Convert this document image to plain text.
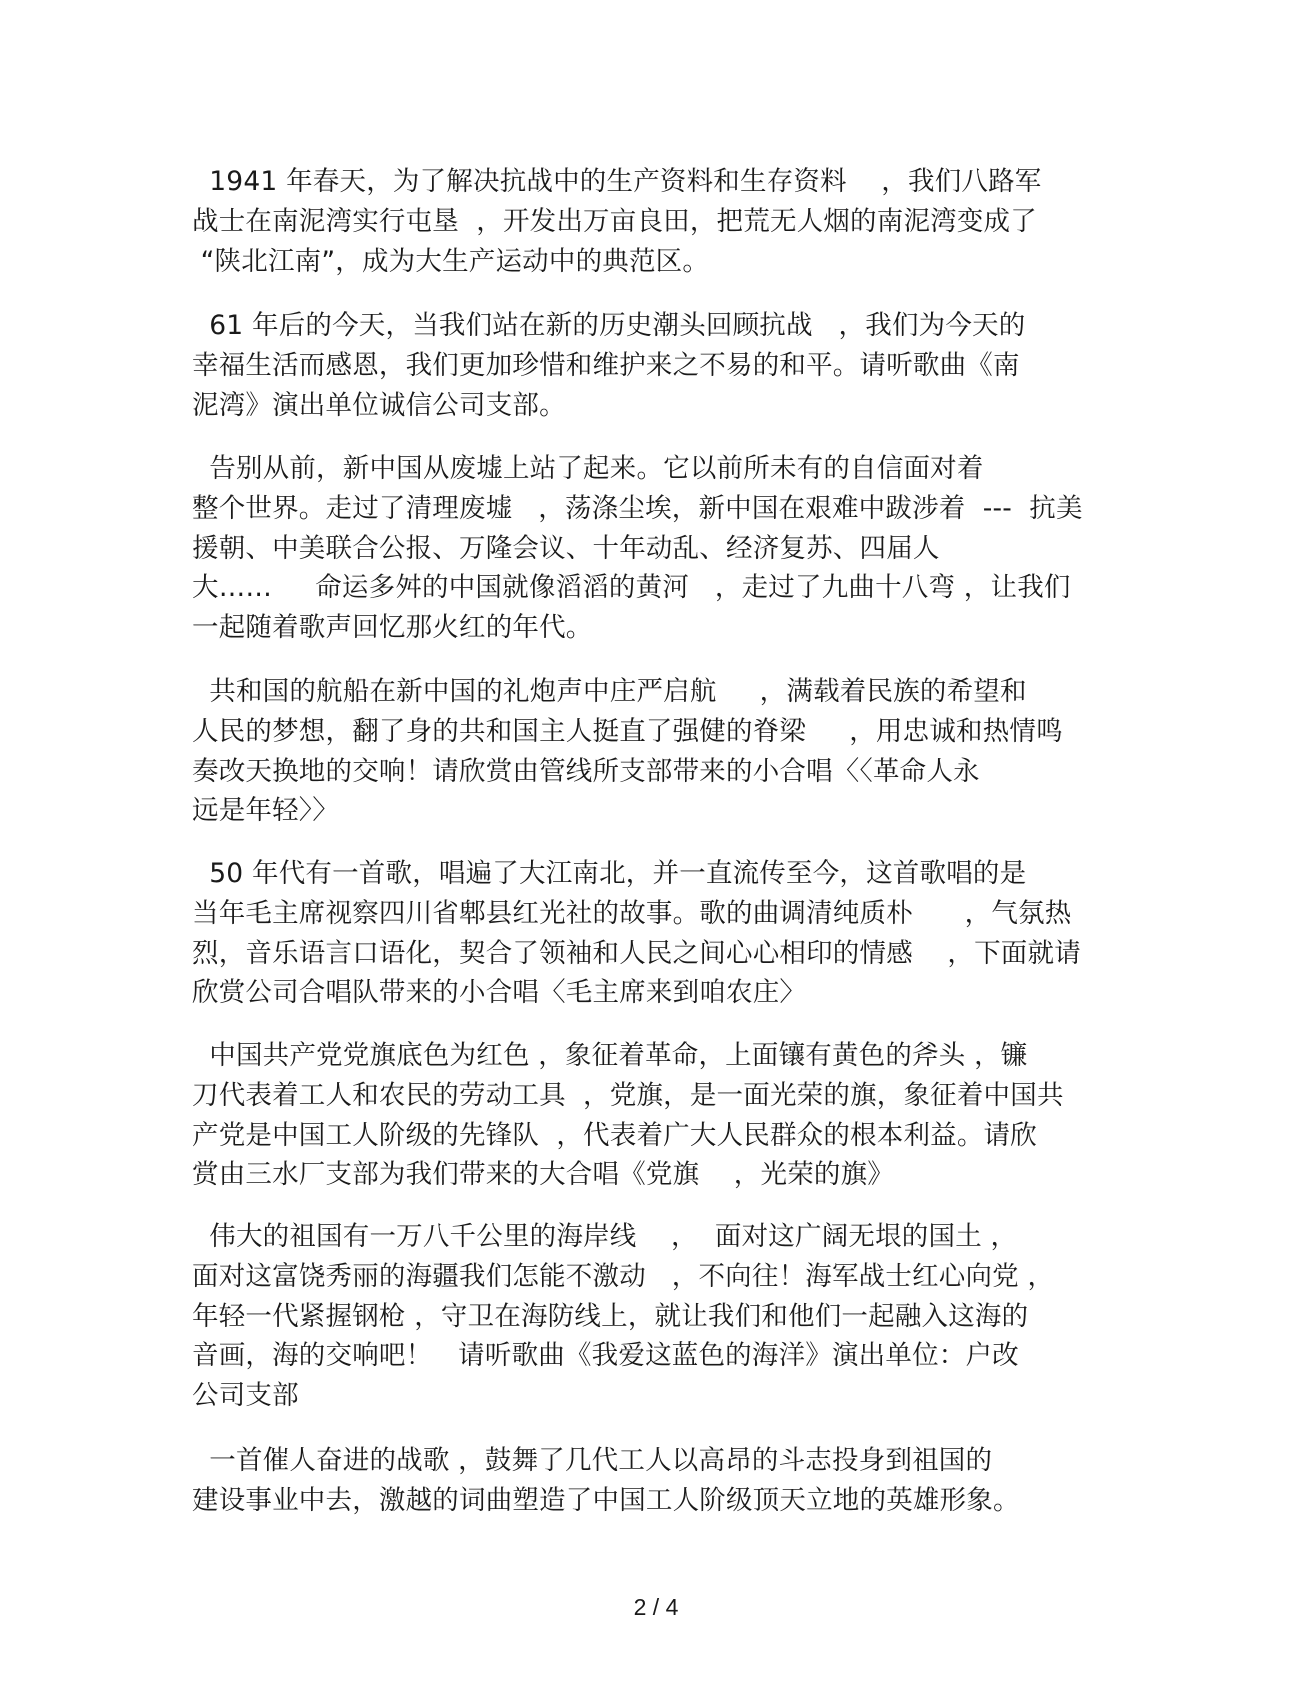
1941 年春天，为了解决抗战中的生产资料和生存资料    ，我们八路军
战士在南泥湾实行屯垦  ，开发出万亩良田，把荒无人烟的南泥湾变成了
“陕北江南”，成为大生产运动中的典范区。
61 年后的今天，当我们站在新的历史潮头回顾抗战   ，我们为今天的
幸福生活而感恩，我们更加珍惜和维护来之不易的和平。请听歌曲《南
泥湾》演出单位诚信公司支部。
告别从前，新中国从废墟上站了起来。它以前所未有的自信面对着
整个世界。走过了清理废墟   ，荡涤尘埃，新中国在艰难中跋涉着  ---  抗美
援朝、中美联合公报、万隆会议、十年动乱、经济复苏、四届人
大……     命运多舛的中国就像滔滔的黄河   ，走过了九曲十八弯 ，让我们
一起随着歌声回忆那火红的年代。
共和国的航船在新中国的礼炮声中庄严启航     ，满载着民族的希望和
人民的梦想，翻了身的共和国主人挺直了强健的脊梁     ，用忠诚和热情鸣
奏改天换地的交响！请欣赏由管线所支部带来的小合唱〈〈革命人永
远是年轻〉〉
50 年代有一首歌，唱遍了大江南北，并一直流传至今，这首歌唱的是
当年毛主席视察四川省郫县红光社的故事。歌的曲调清纯质朴      ，气氛热
烈，音乐语言口语化，契合了领袖和人民之间心心相印的情感    ，下面就请
欣赏公司合唱队带来的小合唱〈毛主席来到咱农庄〉
中国共产党党旗底色为红色 ，象征着革命，上面镶有黄色的斧头 ，镰
刀代表着工人和农民的劳动工具  ，党旗，是一面光荣的旗，象征着中国共
产党是中国工人阶级的先锋队  ，代表着广大人民群众的根本利益。请欣
赏由三水厂支部为我们带来的大合唱《党旗    ，光荣的旗》
伟大的祖国有一万八千公里的海岸线    ，  面对这广阔无垠的国土 ，
面对这富饶秀丽的海疆我们怎能不激动   ，不向往！海军战士红心向党 ，
年轻一代紧握钢枪 ，守卫在海防线上，就让我们和他们一起融入这海的
音画，海的交响吧！   请听歌曲《我爱这蓝色的海洋》演出单位：户改
公司支部
一首催人奋进的战歌 ，鼓舞了几代工人以高昂的斗志投身到祖国的
建设事业中去，激越的词曲塑造了中国工人阶级顶天立地的英雄形象。
2 / 4
